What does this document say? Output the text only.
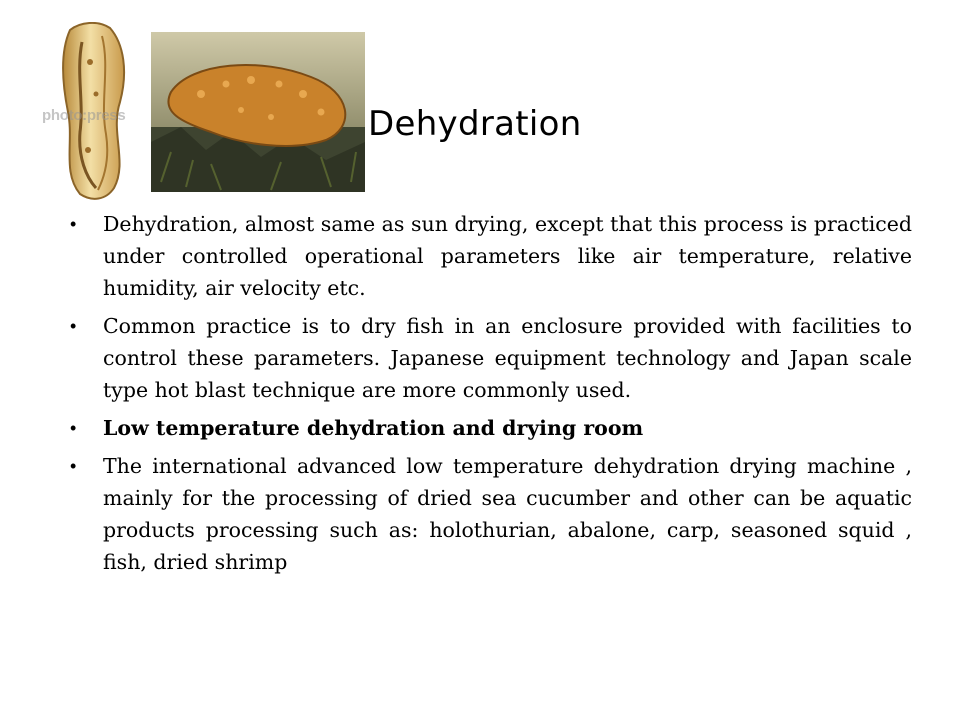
photo:press	Dehydration
• Dehydration, almost same as sun drying, except that this process is practiced under controlled operational parameters like air temperature, relative humidity, air velocity etc.
• Common practice is to dry fish in an enclosure provided with facilities to control these parameters. Japanese equipment technology and Japan scale type hot blast technique are more commonly used.
• Low temperature dehydration and drying room
• The international advanced low temperature dehydration drying machine , mainly for the processing of dried sea cucumber and other can be aquatic products processing such as: holothurian, abalone, carp, seasoned squid , fish, dried shrimp
